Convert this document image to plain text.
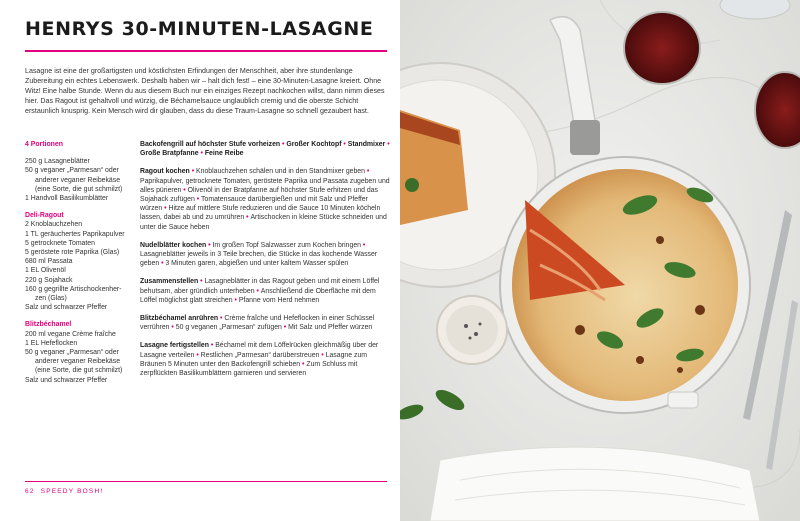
HENRYS 30-MINUTEN-LASAGNE

Lasagne ist eine der großartigsten und köstlichsten Erfindungen der Menschheit, aber ihre stundenlange Zubereitung ein echtes Lebenswerk. Deshalb haben wir – halt dich fest! – eine 30-Minuten-Lasagne kreiert. Ohne Witz! Eine halbe Stunde. Wenn du aus diesem Buch nur ein einziges Rezept nachkochen willst, dann nimm dieses hier. Das Ragout ist gehaltvoll und würzig, die Béchamelsauce unglaublich cremig und die oberste Schicht erstaunlich knusprig. Kein Mensch wird dir glauben, dass du diese Traum-Lasagne so schnell gezaubert hast.

4 Portionen
250 g Lasagneblätter
50 g veganer „Parmesan“ oder
anderer veganer Reibekäse
(eine Sorte, die gut schmilzt)
1 Handvoll Basilikumblätter
Deli-Ragout
2 Knoblauchzehen
1 TL geräuchertes Paprikapulver
5 getrocknete Tomaten
5 geröstete rote Paprika (Glas)
680 ml Passata
1 EL Olivenöl
220 g Sojahack
160 g gegrillte Artischockenher-
zen (Glas)
Salz und schwarzer Pfeffer
Blitzbéchamel
200 ml vegane Crème fraîche
1 EL Hefeflocken
50 g veganer „Parmesan“ oder
anderer veganer Reibekäse
(eine Sorte, die gut schmilzt)
Salz und schwarzer Pfeffer

Backofengrill auf höchster Stufe vorheizen • Großer Kochtopf • Standmixer • Große Bratpfanne • Feine Reibe

Ragout kochen • Knoblauchzehen schälen und in den Standmixer geben • Paprikapulver, getrocknete Tomaten, geröstete Paprika und Passata zugeben und alles pürieren • Olivenöl in der Bratpfanne auf höchster Stufe erhitzen und das Sojahack zufügen • Tomatensauce darübergießen und mit Salz und Pfeffer würzen • Hitze auf mittlere Stufe reduzieren und die Sauce 10 Minuten köcheln lassen, dabei ab und zu umrühren • Artischocken in kleine Stücke schneiden und unter die Sauce heben

Nudelblätter kochen • Im großen Topf Salzwasser zum Kochen bringen • Lasagneblätter jeweils in 3 Teile brechen, die Stücke in das kochende Wasser geben • 3 Minuten garen, abgießen und unter kaltem Wasser spülen

Zusammenstellen • Lasagneblätter in das Ragout geben und mit einem Löffel behutsam, aber gründlich unterheben • Anschließend die Oberfläche mit dem Löffel möglichst glatt streichen • Pfanne vom Herd nehmen

Blitzbéchamel anrühren • Crème fraîche und Hefeflocken in einer Schüssel verrühren • 50 g veganen „Parmesan“ zufügen • Mit Salz und Pfeffer würzen

Lasagne fertigstellen • Béchamel mit dem Löffelrücken gleichmäßig über der Lasagne verteilen • Restlichen „Parmesan“ darüberstreuen • Lasagne zum Bräunen 5 Minuten unter den Backofengrill schieben • Zum Schluss mit zerpflückten Basilikumblättern garnieren und servieren

62 SPEEDY BOSH!
